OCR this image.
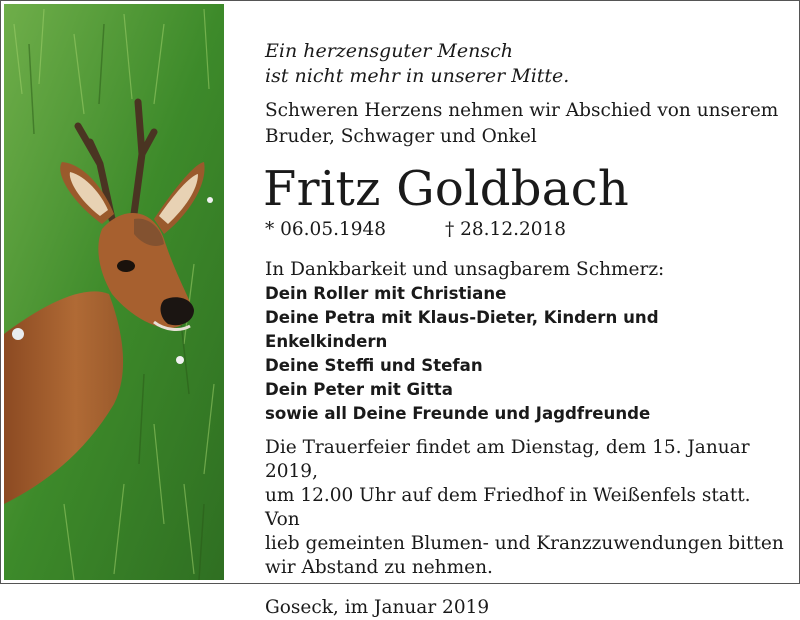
Ein herzensguter Mensch
ist nicht mehr in unserer Mitte.

Schweren Herzens nehmen wir Abschied von unserem
Bruder, Schwager und Onkel

Fritz Goldbach

* 06.05.1948	† 28.12.2018

In Dankbarkeit und unsagbarem Schmerz:

Dein Roller mit Christiane

Deine Petra mit Klaus-Dieter, Kindern und Enkelkindern

Deine Steffi und Stefan

Dein Peter mit Gitta

sowie all Deine Freunde und Jagdfreunde

Die Trauerfeier findet am Dienstag, dem 15. Januar 2019,
um 12.00 Uhr auf dem Friedhof in Weißenfels statt. Von
lieb gemeinten Blumen- und Kranzzuwendungen bitten
wir Abstand zu nehmen.

Goseck, im Januar 2019
